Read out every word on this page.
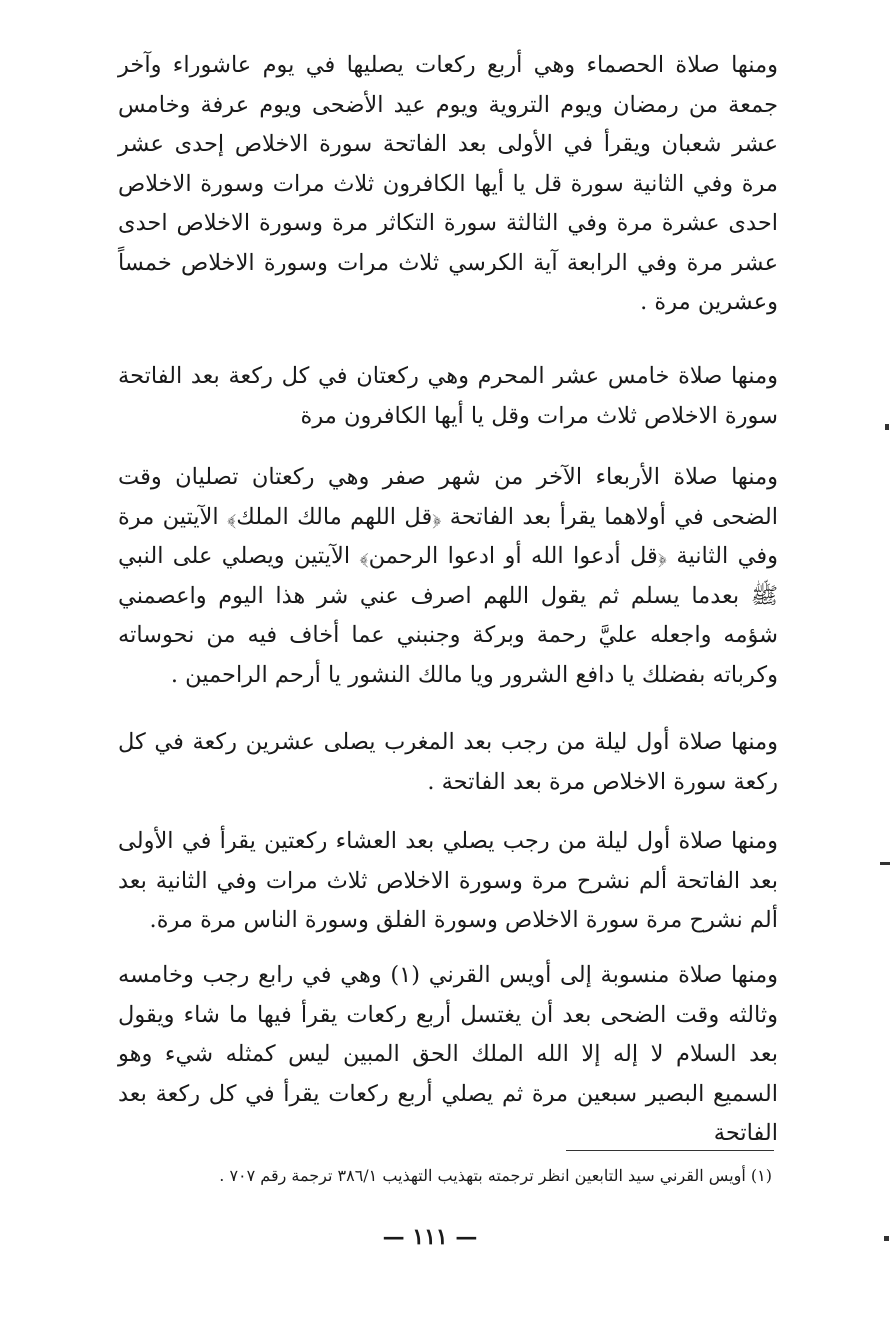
ومنها صلاة الحصماء وهي أربع ركعات يصليها في يوم عاشوراء وآخر جمعة من رمضان ويوم التروية ويوم عيد الأضحى ويوم عرفة وخامس عشر شعبان ويقرأ في الأولى بعد الفاتحة سورة الاخلاص إحدى عشر مرة وفي الثانية سورة قل يا أيها الكافرون ثلاث مرات وسورة الاخلاص احدى عشرة مرة وفي الثالثة سورة التكاثر مرة وسورة الاخلاص احدى عشر مرة وفي الرابعة آية الكرسي ثلاث مرات وسورة الاخلاص خمساً وعشرين مرة .
ومنها صلاة خامس عشر المحرم وهي ركعتان في كل ركعة بعد الفاتحة سورة الاخلاص ثلاث مرات وقل يا أيها الكافرون مرة
ومنها صلاة الأربعاء الآخر من شهر صفر وهي ركعتان تصليان وقت الضحى في أولاهما يقرأ بعد الفاتحة ﴿قل اللهم مالك الملك﴾ الآيتين مرة وفي الثانية ﴿قل أدعوا الله أو ادعوا الرحمن﴾ الآيتين ويصلي على النبي ﷺ بعدما يسلم ثم يقول اللهم اصرف عني شر هذا اليوم واعصمني شؤمه واجعله عليَّ رحمة وبركة وجنبني عما أخاف فيه من نحوساته وكرباته بفضلك يا دافع الشرور ويا مالك النشور يا أرحم الراحمين .
ومنها صلاة أول ليلة من رجب بعد المغرب يصلى عشرين ركعة في كل ركعة سورة الاخلاص مرة بعد الفاتحة .
ومنها صلاة أول ليلة من رجب يصلي بعد العشاء ركعتين يقرأ في الأولى بعد الفاتحة ألم نشرح مرة وسورة الاخلاص ثلاث مرات وفي الثانية بعد ألم نشرح مرة سورة الاخلاص وسورة الفلق وسورة الناس مرة مرة.
ومنها صلاة منسوبة إلى أويس القرني (١) وهي في رابع رجب وخامسه وثالثه وقت الضحى بعد أن يغتسل أربع ركعات يقرأ فيها ما شاء ويقول بعد السلام لا إله إلا الله الملك الحق المبين ليس كمثله شيء وهو السميع البصير سبعين مرة ثم يصلي أربع ركعات يقرأ في كل ركعة بعد الفاتحة

(١) أويس القرني سيد التابعين انظر ترجمته بتهذيب التهذيب ٣٨٦/١ ترجمة رقم ٧٠٧ .

— ١١١ —
